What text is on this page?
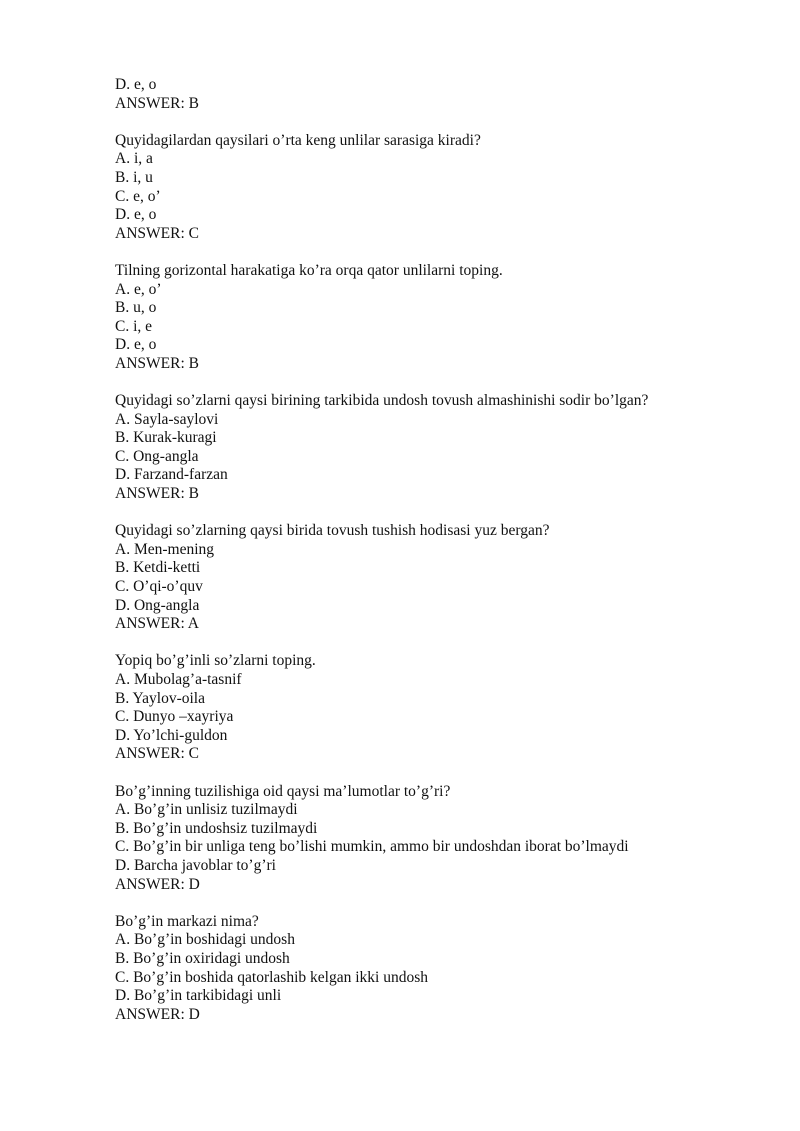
D. e, o
ANSWER: B
Quyidagilardan qaysilari o’rta keng unlilar sarasiga kiradi?
A. i, a
B. i, u
C. e, o’
D. e, o
ANSWER: C
Tilning gorizontal harakatiga ko’ra orqa qator unlilarni toping.
A. e, o’
B. u, o
C. i, e
D. e, o
ANSWER: B
Quyidagi so’zlarni qaysi birining tarkibida undosh tovush almashinishi sodir bo’lgan?
A. Sayla-saylovi
B. Kurak-kuragi
C. Ong-angla
D. Farzand-farzan
ANSWER: B
Quyidagi so’zlarning qaysi birida tovush tushish hodisasi yuz bergan?
A. Men-mening
B. Ketdi-ketti
C. O’qi-o’quv
D. Ong-angla
ANSWER: A
Yopiq bo’g’inli so’zlarni toping.
A. Mubolag’a-tasnif
B. Yaylov-oila
C. Dunyo –xayriya
D. Yo’lchi-guldon
ANSWER: C
Bo’g’inning tuzilishiga oid qaysi ma’lumotlar to’g’ri?
A. Bo’g’in unlisiz tuzilmaydi
B. Bo’g’in undoshsiz tuzilmaydi
C. Bo’g’in bir unliga teng bo’lishi mumkin, ammo bir undoshdan iborat bo’lmaydi
D. Barcha javoblar to’g’ri
ANSWER: D
Bo’g’in markazi nima?
A. Bo’g’in boshidagi undosh
B. Bo’g’in oxiridagi undosh
C. Bo’g’in boshida qatorlashib kelgan ikki undosh
D. Bo’g’in tarkibidagi unli
ANSWER: D
